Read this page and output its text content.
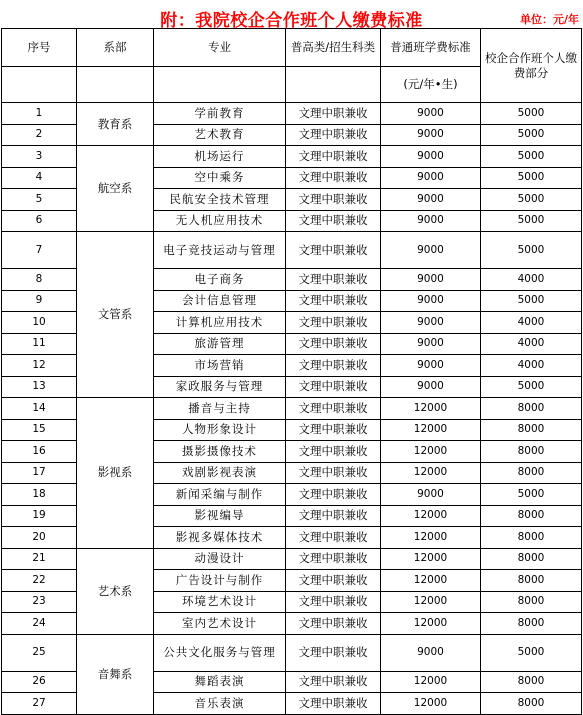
附：我院校企合作班个人缴费标准	单位：元/年
序号	系部	专业	普高类/招生科类	普通班学费标准	校企合作班个人缴费部分
				(元/年•生)	
1	教育系	学前教育	文理中职兼收	9000	5000
2		艺术教育	文理中职兼收	9000	5000
3	航空系	机场运行	文理中职兼收	9000	5000
4		空中乘务	文理中职兼收	9000	5000
5		民航安全技术管理	文理中职兼收	9000	5000
6		无人机应用技术	文理中职兼收	9000	5000
7	文管系	电子竞技运动与管理	文理中职兼收	9000	5000
8		电子商务	文理中职兼收	9000	4000
9		会计信息管理	文理中职兼收	9000	5000
10		计算机应用技术	文理中职兼收	9000	4000
11		旅游管理	文理中职兼收	9000	4000
12		市场营销	文理中职兼收	9000	4000
13		家政服务与管理	文理中职兼收	9000	5000
14	影视系	播音与主持	文理中职兼收	12000	8000
15		人物形象设计	文理中职兼收	12000	8000
16		摄影摄像技术	文理中职兼收	12000	8000
17		戏剧影视表演	文理中职兼收	12000	8000
18		新闻采编与制作	文理中职兼收	9000	5000
19		影视编导	文理中职兼收	12000	8000
20		影视多媒体技术	文理中职兼收	12000	8000
21	艺术系	动漫设计	文理中职兼收	12000	8000
22		广告设计与制作	文理中职兼收	12000	8000
23		环境艺术设计	文理中职兼收	12000	8000
24		室内艺术设计	文理中职兼收	12000	8000
25	音舞系	公共文化服务与管理	文理中职兼收	9000	5000
26		舞蹈表演	文理中职兼收	12000	8000
27		音乐表演	文理中职兼收	12000	8000
